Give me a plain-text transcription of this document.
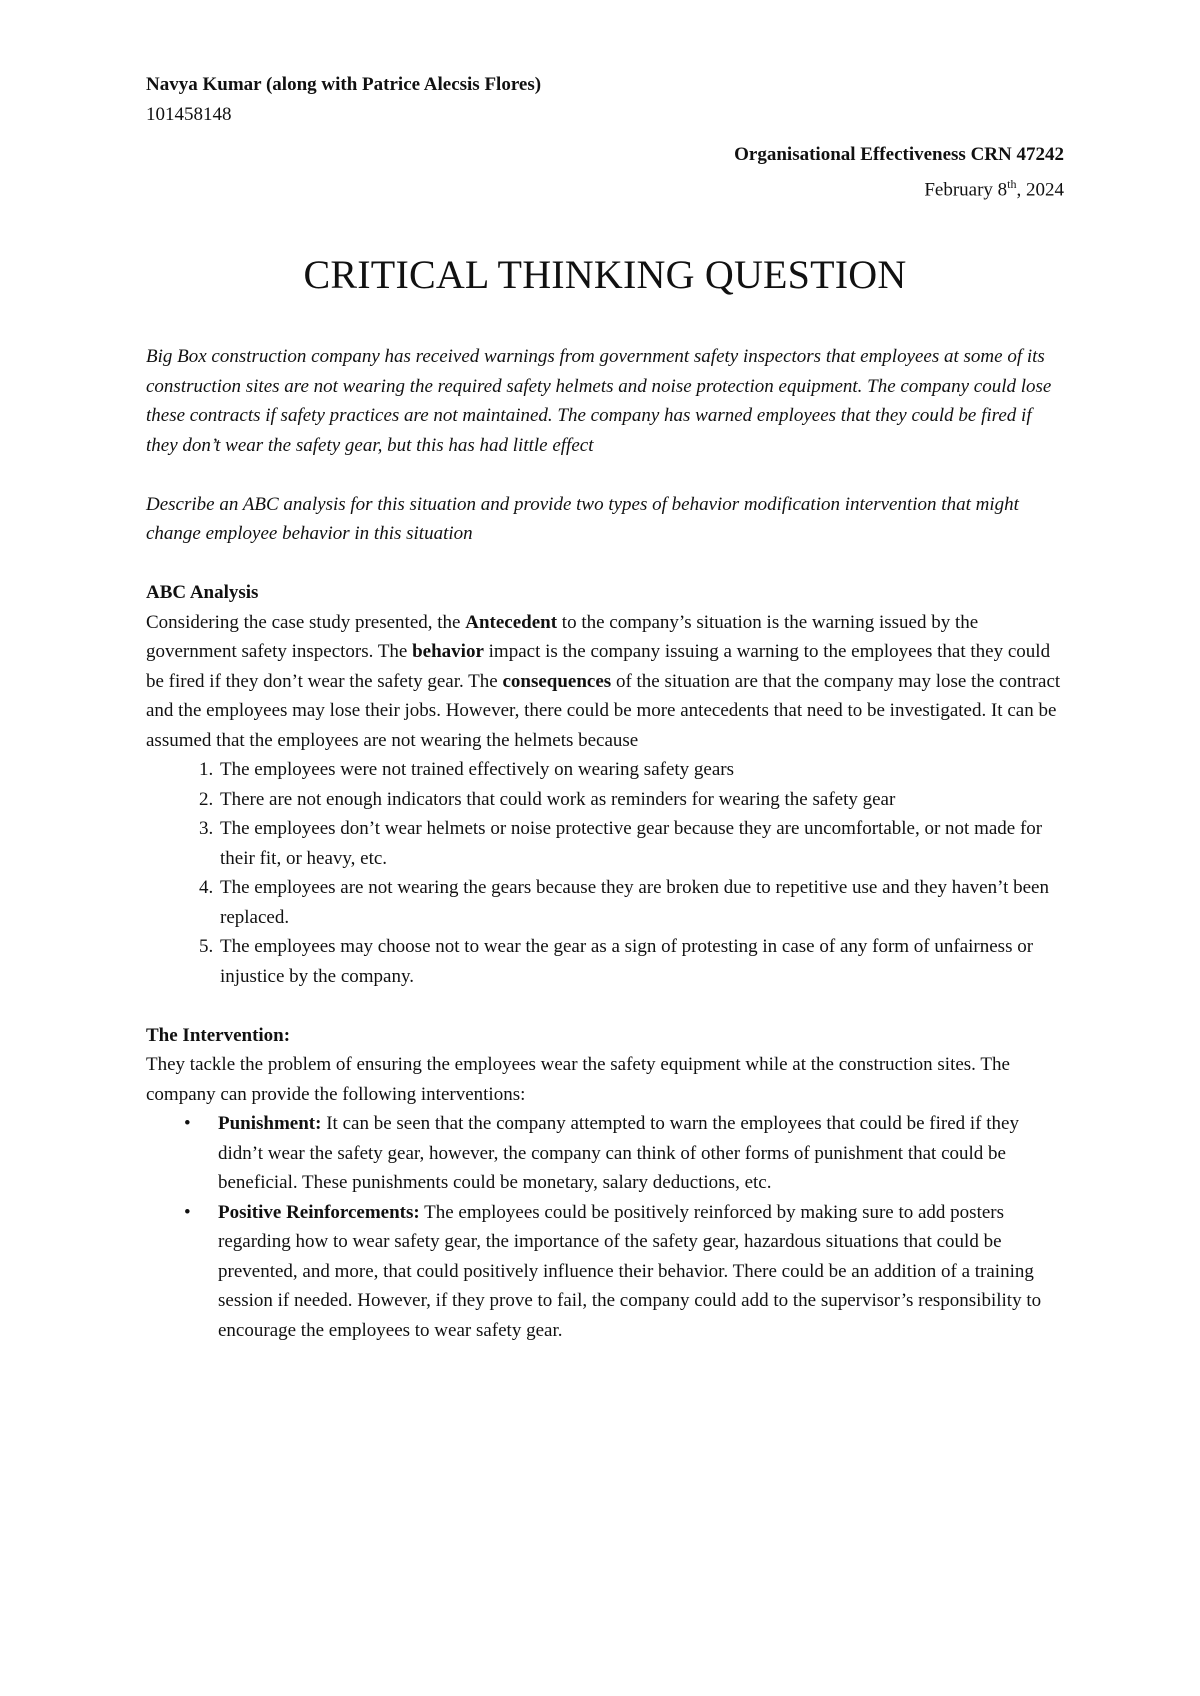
Navya Kumar (along with Patrice Alecsis Flores)
101458148
Organisational Effectiveness CRN 47242
February 8th, 2024
CRITICAL THINKING QUESTION

Big Box construction company has received warnings from government safety inspectors that employees at some of its construction sites are not wearing the required safety helmets and noise protection equipment. The company could lose these contracts if safety practices are not maintained. The company has warned employees that they could be fired if they don’t wear the safety gear, but this has had little effect

Describe an ABC analysis for this situation and provide two types of behavior modification intervention that might change employee behavior in this situation

ABC Analysis

Considering the case study presented, the Antecedent to the company’s situation is the warning issued by the government safety inspectors. The behavior impact is the company issuing a warning to the employees that they could be fired if they don’t wear the safety gear. The consequences of the situation are that the company may lose the contract and the employees may lose their jobs. However, there could be more antecedents that need to be investigated. It can be assumed that the employees are not wearing the helmets because

1. The employees were not trained effectively on wearing safety gears
2. There are not enough indicators that could work as reminders for wearing the safety gear
3. The employees don’t wear helmets or noise protective gear because they are uncomfortable, or not made for their fit, or heavy, etc.
4. The employees are not wearing the gears because they are broken due to repetitive use and they haven’t been replaced.
5. The employees may choose not to wear the gear as a sign of protesting in case of any form of unfairness or injustice by the company.
The Intervention:

They tackle the problem of ensuring the employees wear the safety equipment while at the construction sites. The company can provide the following interventions:

• Punishment: It can be seen that the company attempted to warn the employees that could be fired if they didn’t wear the safety gear, however, the company can think of other forms of punishment that could be beneficial. These punishments could be monetary, salary deductions, etc.
• Positive Reinforcements: The employees could be positively reinforced by making sure to add posters regarding how to wear safety gear, the importance of the safety gear, hazardous situations that could be prevented, and more, that could positively influence their behavior. There could be an addition of a training session if needed. However, if they prove to fail, the company could add to the supervisor’s responsibility to encourage the employees to wear safety gear.
